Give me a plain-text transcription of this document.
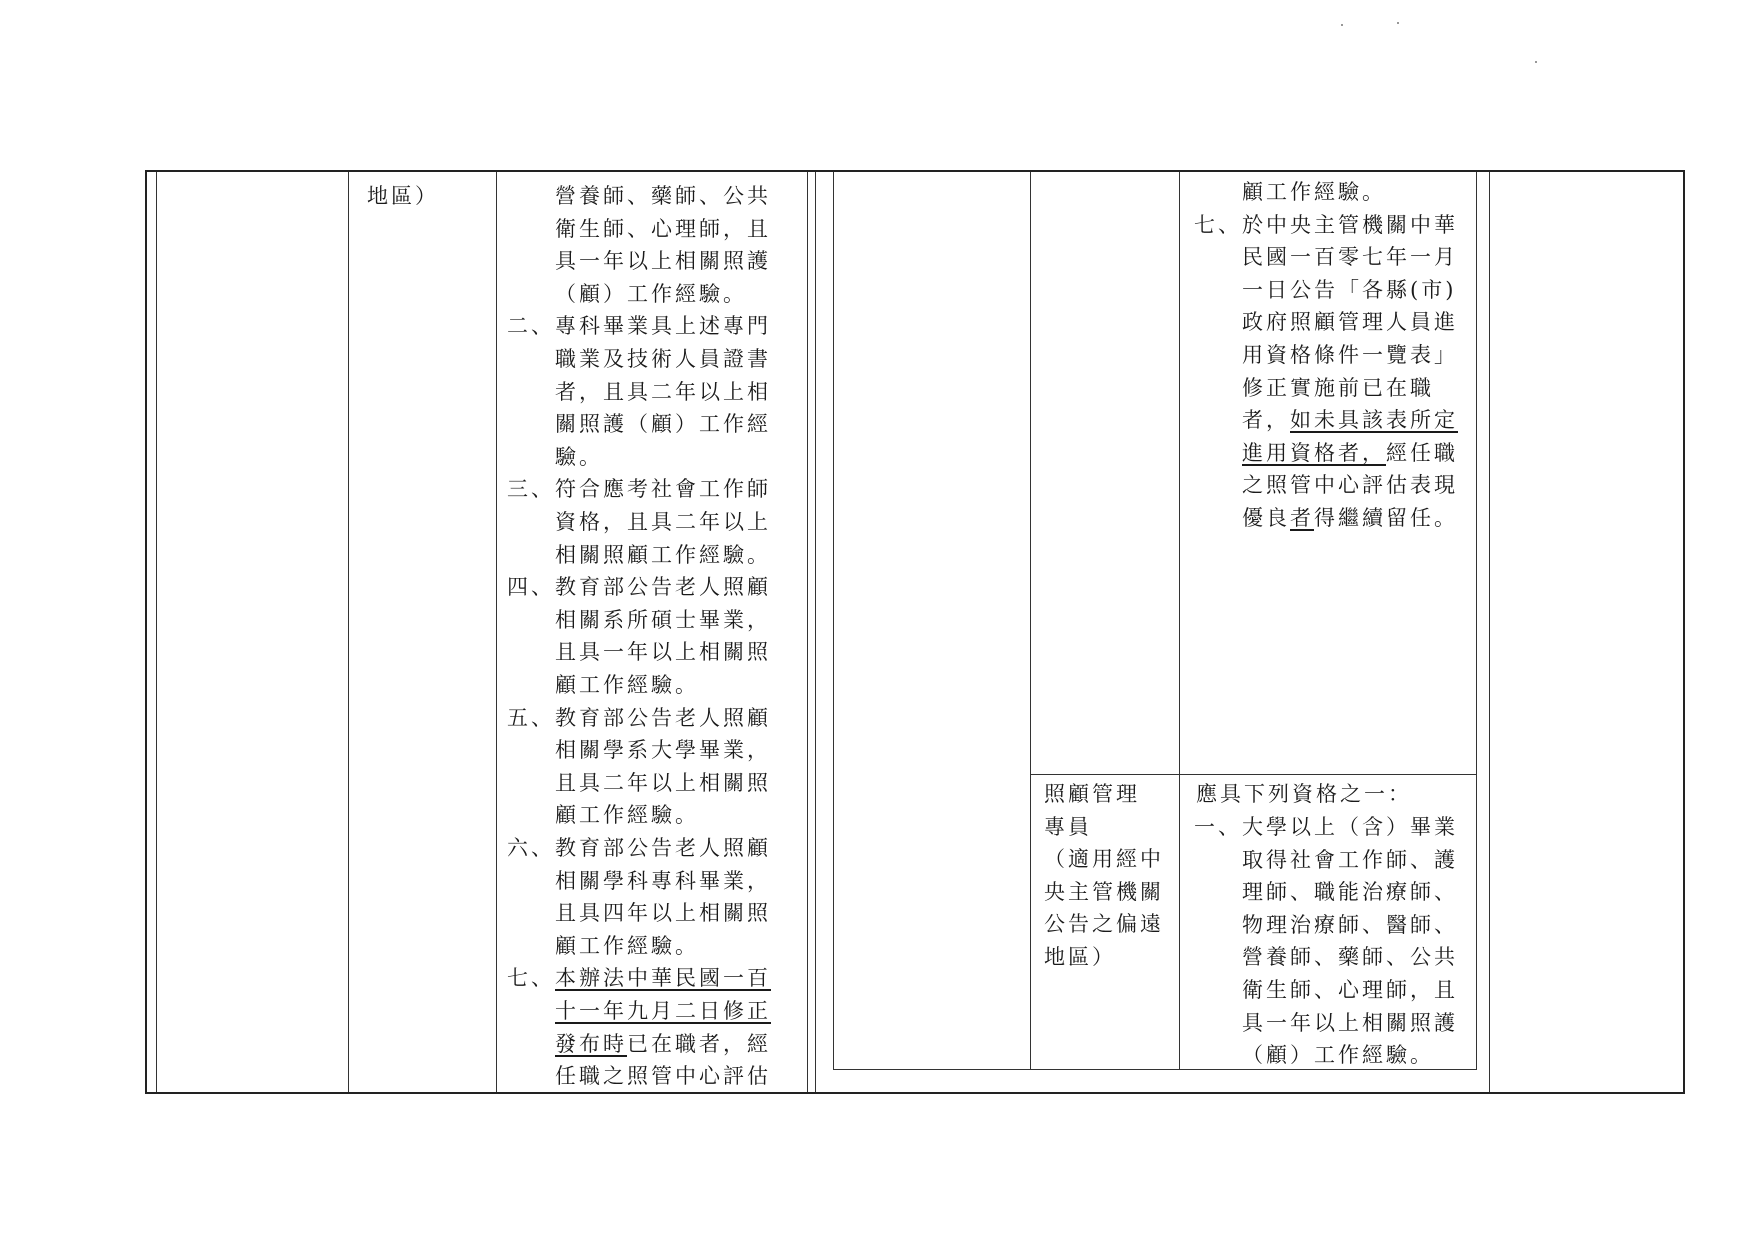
地區）	營養師、藥師、公共
衛生師、心理師，且
具一年以上相關照護
（顧）工作經驗。
二、 專科畢業具上述專門
職業及技術人員證書
者，且具二年以上相
關照護（顧）工作經
驗。
三、 符合應考社會工作師
資格，且具二年以上
相關照顧工作經驗。
四、 教育部公告老人照顧
相關系所碩士畢業，
且具一年以上相關照
顧工作經驗。
五、 教育部公告老人照顧
相關學系大學畢業，
且具二年以上相關照
顧工作經驗。
六、 教育部公告老人照顧
相關學科專科畢業，
且具四年以上相關照
顧工作經驗。
七、 本辦法中華民國一百
十一年九月二日修正
發布時已在職者，經
任職之照管中心評估
照顧管理
專員
（適用經中
央主管機關
公告之偏遠
地區）
應具下列資格之一：
顧工作經驗。
七、 於中央主管機關中華
民國一百零七年一月
一日公告「各縣(市)
政府照顧管理人員進
用資格條件一覽表」
修正實施前已在職
者，如未具該表所定
進用資格者，經任職
之照管中心評估表現
優良者得繼續留任。
一、 大學以上（含）畢業
取得社會工作師、護
理師、職能治療師、
物理治療師、醫師、
營養師、藥師、公共
衛生師、心理師，且
具一年以上相關照護
（顧）工作經驗。
